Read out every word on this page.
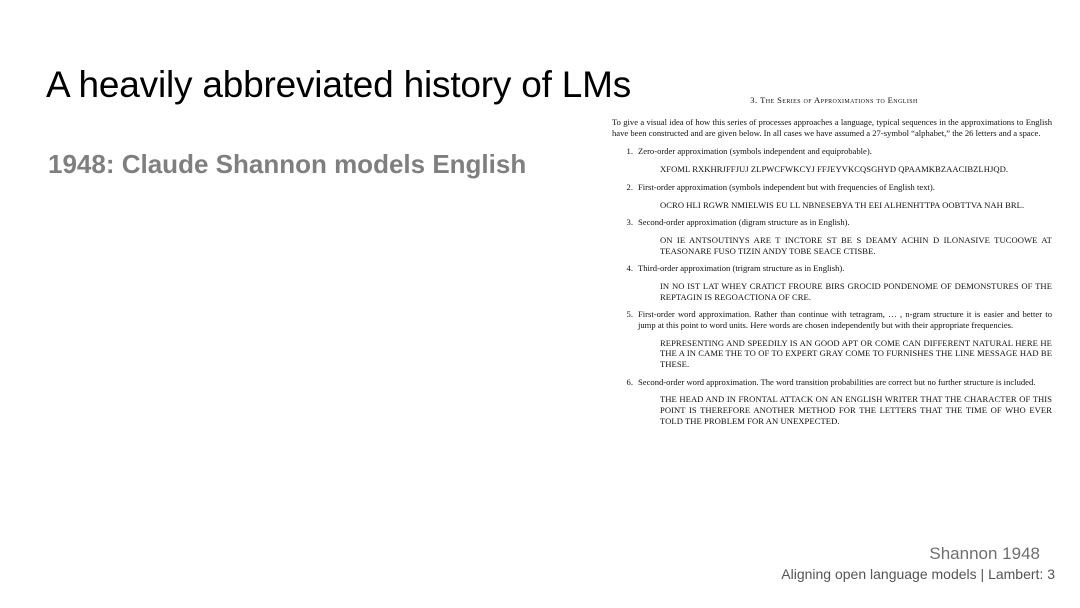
A heavily abbreviated history of LMs
1948: Claude Shannon models English
3. The Series of Approximations to English

To give a visual idea of how this series of processes approaches a language, typical sequences in the approximations to English have been constructed and are given below. In all cases we have assumed a 27-symbol “alphabet,” the 26 letters and a space.

1. Zero-order approximation (symbols independent and equiprobable).
XFOML RXKHRJFFJUJ ZLPWCFWKCYJ FFJEYVKCQSGHYD QPAAMKBZAACIBZLHJQD.
2. First-order approximation (symbols independent but with frequencies of English text).
OCRO HLI RGWR NMIELWIS EU LL NBNESEBYA TH EEI ALHENHTTPA OOBTTVA NAH BRL.
3. Second-order approximation (digram structure as in English).
ON IE ANTSOUTINYS ARE T INCTORE ST BE S DEAMY ACHIN D ILONASIVE TUCOOWE AT TEASONARE FUSO TIZIN ANDY TOBE SEACE CTISBE.
4. Third-order approximation (trigram structure as in English).
IN NO IST LAT WHEY CRATICT FROURE BIRS GROCID PONDENOME OF DEMONSTURES OF THE REPTAGIN IS REGOACTIONA OF CRE.
5. First-order word approximation. Rather than continue with tetragram, … , n-gram structure it is easier and better to jump at this point to word units. Here words are chosen independently but with their appropriate frequencies.
REPRESENTING AND SPEEDILY IS AN GOOD APT OR COME CAN DIFFERENT NATURAL HERE HE THE A IN CAME THE TO OF TO EXPERT GRAY COME TO FURNISHES THE LINE MESSAGE HAD BE THESE.
6. Second-order word approximation. The word transition probabilities are correct but no further structure is included.
THE HEAD AND IN FRONTAL ATTACK ON AN ENGLISH WRITER THAT THE CHARACTER OF THIS POINT IS THEREFORE ANOTHER METHOD FOR THE LETTERS THAT THE TIME OF WHO EVER TOLD THE PROBLEM FOR AN UNEXPECTED.
Shannon 1948
Aligning open language models | Lambert: 3
